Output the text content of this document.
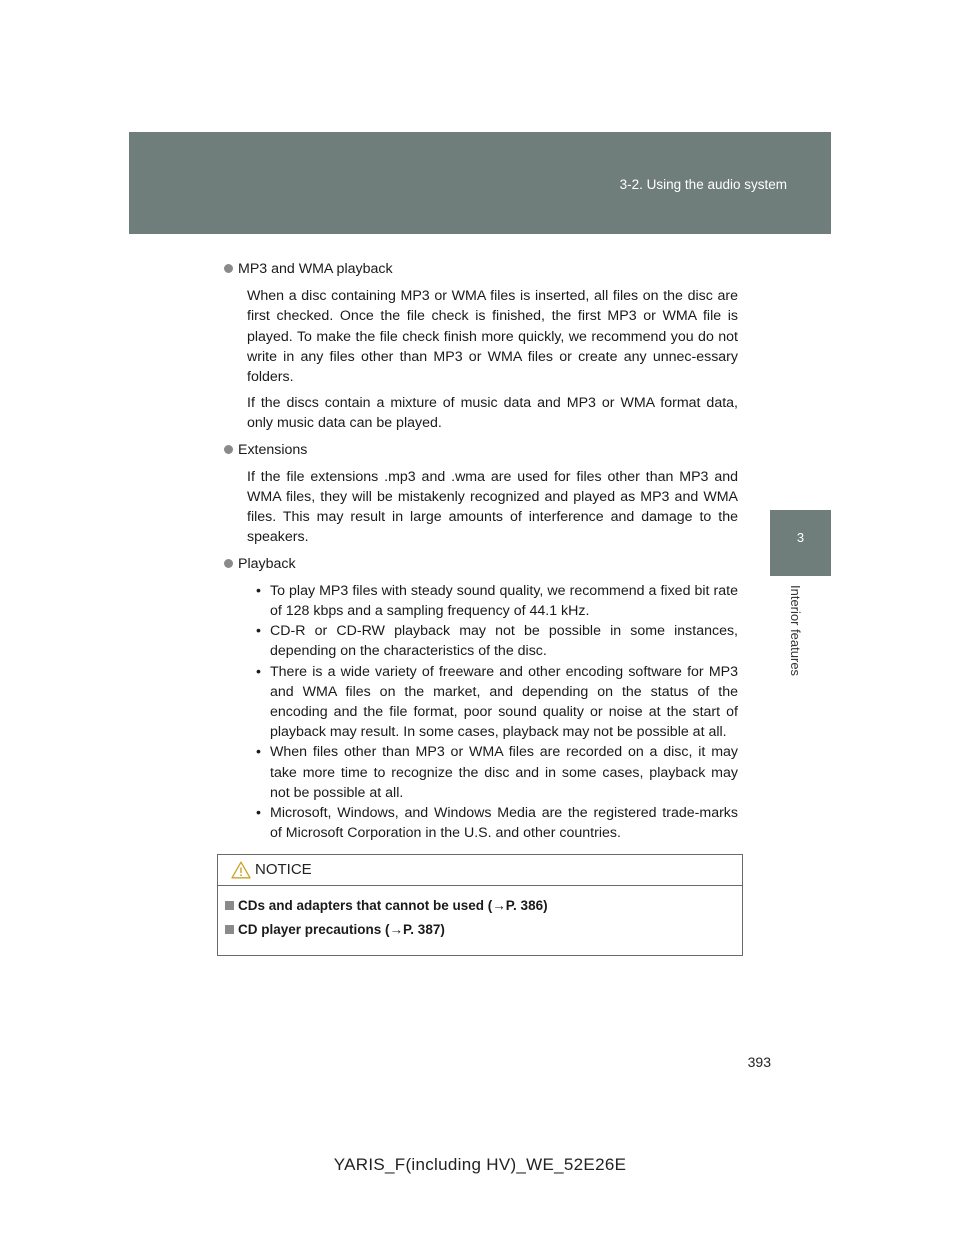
3-2. Using the audio system
3
Interior features
MP3 and WMA playback

When a disc containing MP3 or WMA files is inserted, all files on the disc are first checked. Once the file check is finished, the first MP3 or WMA file is played. To make the file check finish more quickly, we recommend you do not write in any files other than MP3 or WMA files or create any unnec-essary folders.

If the discs contain a mixture of music data and MP3 or WMA format data, only music data can be played.

Extensions

If the file extensions .mp3 and .wma are used for files other than MP3 and WMA files, they will be mistakenly recognized and played as MP3 and WMA files. This may result in large amounts of interference and damage to the speakers.

Playback
• To play MP3 files with steady sound quality, we recommend a fixed bit rate of 128 kbps and a sampling frequency of 44.1 kHz.
• CD-R or CD-RW playback may not be possible in some instances, depending on the characteristics of the disc.
• There is a wide variety of freeware and other encoding software for MP3 and WMA files on the market, and depending on the status of the encoding and the file format, poor sound quality or noise at the start of playback may result. In some cases, playback may not be possible at all.
• When files other than MP3 or WMA files are recorded on a disc, it may take more time to recognize the disc and in some cases, playback may not be possible at all.
• Microsoft, Windows, and Windows Media are the registered trade-marks of Microsoft Corporation in the U.S. and other countries.
NOTICE
CDs and adapters that cannot be used (→P. 386)
CD player precautions (→P. 387)
393
YARIS_F(including HV)_WE_52E26E
